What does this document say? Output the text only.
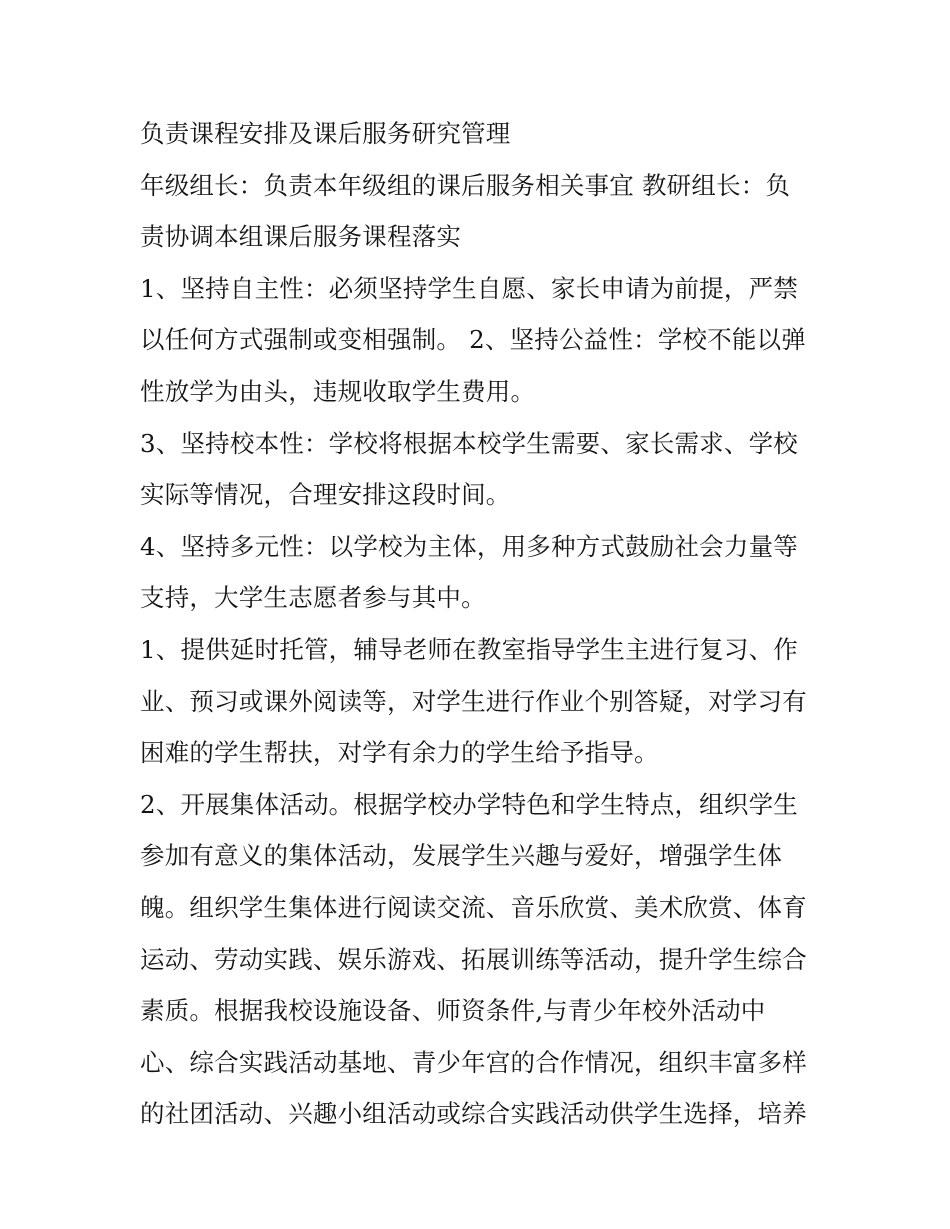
负责课程安排及课后服务研究管理
年级组长：负责本年级组的课后服务相关事宜 教研组长：负
责协调本组课后服务课程落实
1、坚持自主性：必须坚持学生自愿、家长申请为前提，严禁
以任何方式强制或变相强制。 2、坚持公益性：学校不能以弹
性放学为由头，违规收取学生费用。
3、坚持校本性：学校将根据本校学生需要、家长需求、学校
实际等情况，合理安排这段时间。
4、坚持多元性：以学校为主体，用多种方式鼓励社会力量等
支持，大学生志愿者参与其中。
1、提供延时托管，辅导老师在教室指导学生主进行复习、作
业、预习或课外阅读等，对学生进行作业个别答疑，对学习有
困难的学生帮扶，对学有余力的学生给予指导。
2、开展集体活动。根据学校办学特色和学生特点，组织学生
参加有意义的集体活动，发展学生兴趣与爱好，增强学生体
魄。组织学生集体进行阅读交流、音乐欣赏、美术欣赏、体育
运动、劳动实践、娱乐游戏、拓展训练等活动，提升学生综合
素质。根据我校设施设备、师资条件,与青少年校外活动中
心、综合实践活动基地、青少年宫的合作情况，组织丰富多样
的社团活动、兴趣小组活动或综合实践活动供学生选择，培养
